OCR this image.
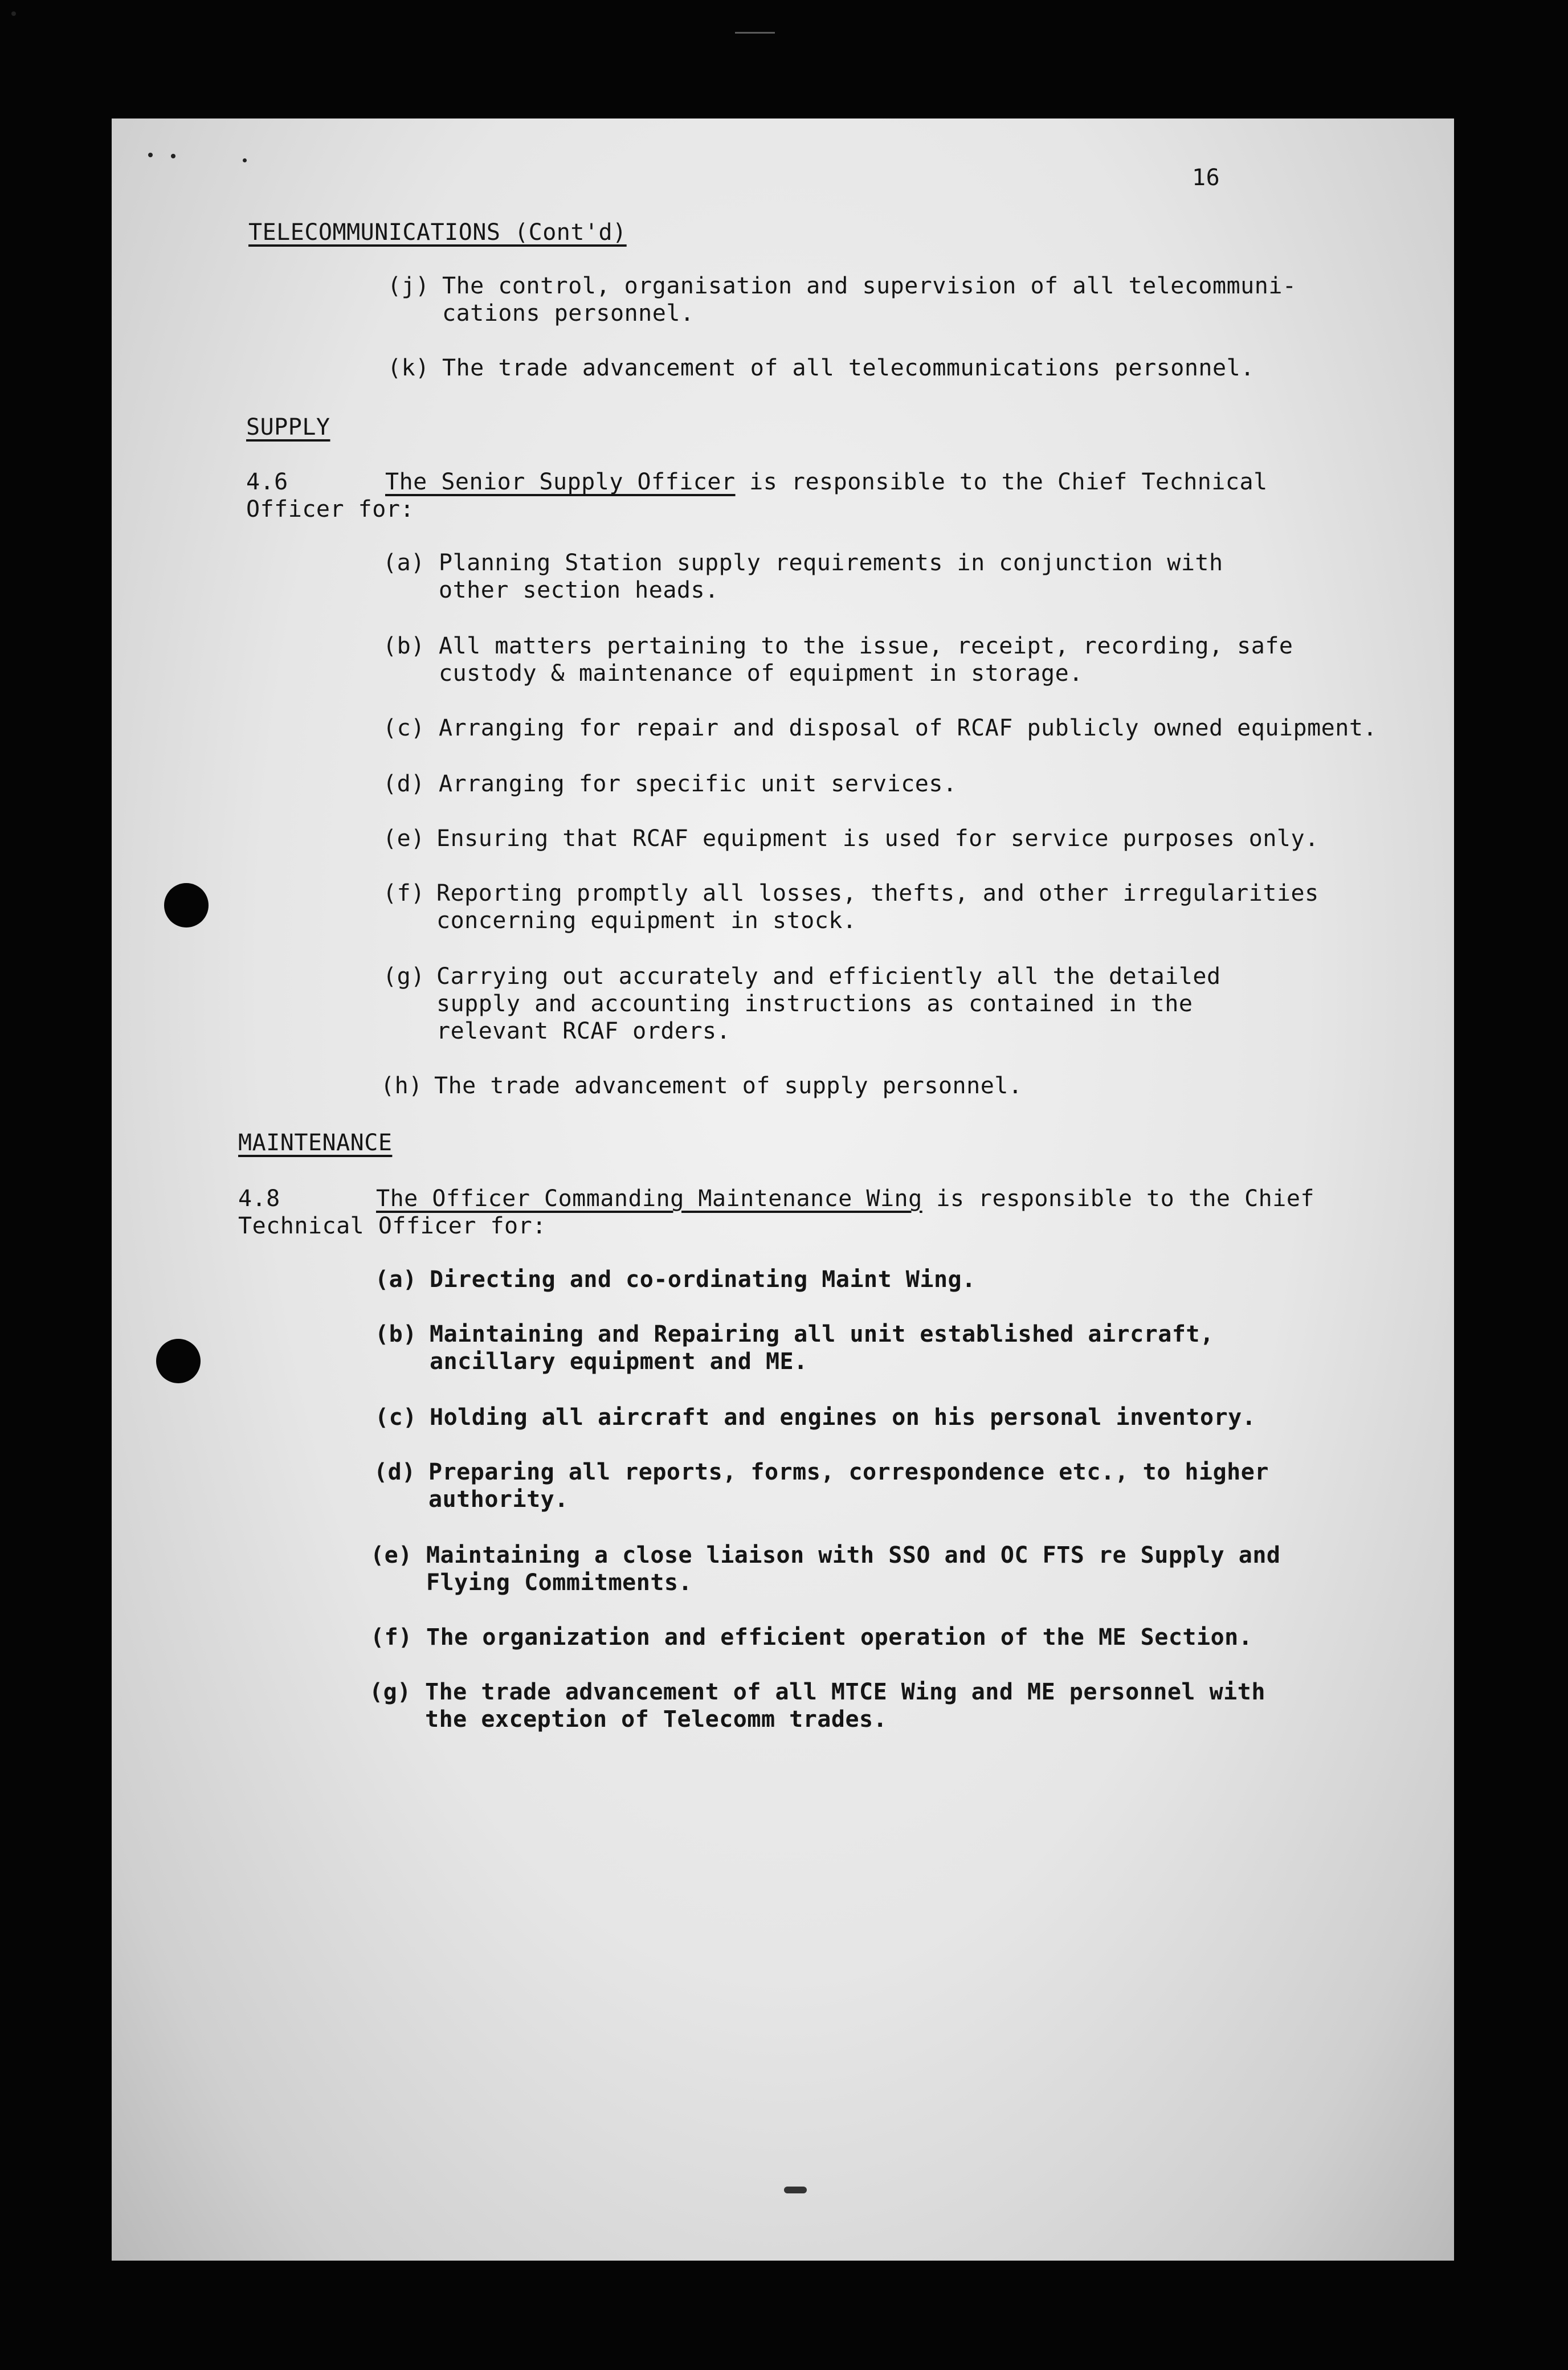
16
TELECOMMUNICATIONS (Cont'd)
(j) The control, organisation and supervision of all telecommuni-
cations personnel.
(k) The trade advancement of all telecommunications personnel.
SUPPLY
4.6	The Senior Supply Officer is responsible to the Chief Technical
Officer for:
(a) Planning Station supply requirements in conjunction with
other section heads.
(b) All matters pertaining to the issue, receipt, recording, safe
custody & maintenance of equipment in storage.
(c) Arranging for repair and disposal of RCAF publicly owned equipment.
(d) Arranging for specific unit services.
(e) Ensuring that RCAF equipment is used for service purposes only.
(f) Reporting promptly all losses, thefts, and other irregularities
concerning equipment in stock.
(g) Carrying out accurately and efficiently all the detailed
supply and accounting instructions as contained in the
relevant RCAF orders.
(h) The trade advancement of supply personnel.
MAINTENANCE
4.8	The Officer Commanding Maintenance Wing is responsible to the Chief
Technical Officer for:
(a) Directing and co-ordinating Maint Wing.
(b) Maintaining and Repairing all unit established aircraft,
ancillary equipment and ME.
(c) Holding all aircraft and engines on his personal inventory.
(d) Preparing all reports, forms, correspondence etc., to higher
authority.
(e) Maintaining a close liaison with SSO and OC FTS re Supply and
Flying Commitments.
(f) The organization and efficient operation of the ME Section.
(g) The trade advancement of all MTCE Wing and ME personnel with
the exception of Telecomm trades.
